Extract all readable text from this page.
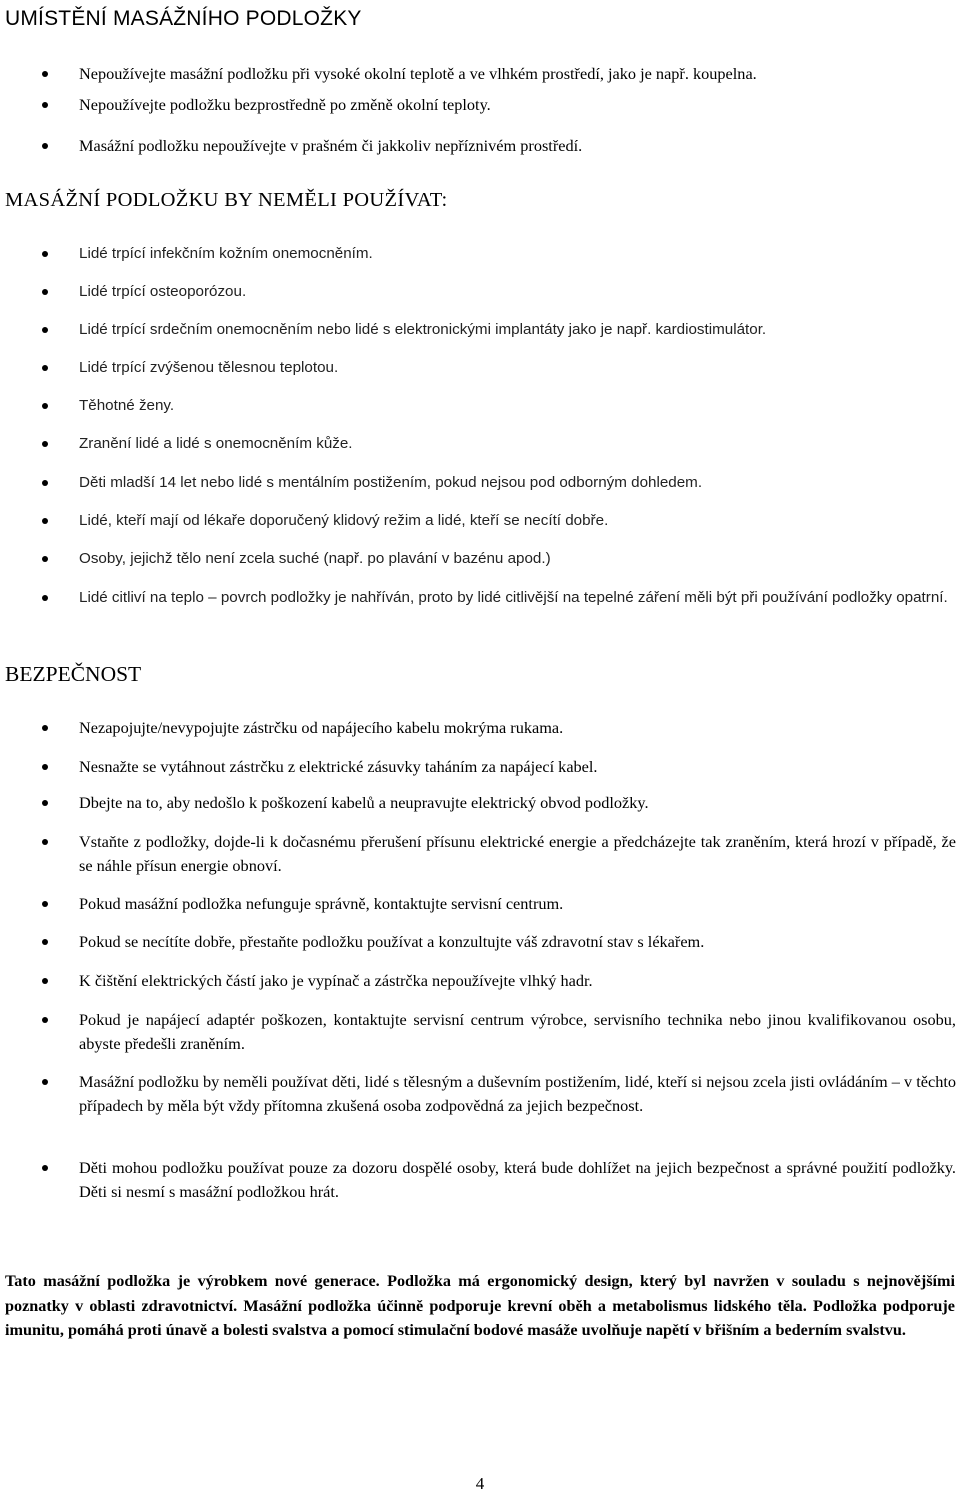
UMÍSTĚNÍ MASÁŽNÍHO PODLOŽKY
Nepoužívejte masážní podložku při vysoké okolní teplotě a ve vlhkém prostředí, jako je např. koupelna.
Nepoužívejte podložku bezprostředně po změně okolní teploty.
Masážní podložku nepoužívejte v prašném či jakkoliv nepříznivém prostředí.
MASÁŽNÍ PODLOŽKU BY NEMĚLI POUŽÍVAT:
Lidé trpící infekčním kožním onemocněním.
Lidé trpící osteoporózou.
Lidé trpící srdečním onemocněním nebo lidé s elektronickými implantáty jako je např. kardiostimulátor.
Lidé trpící zvýšenou tělesnou teplotou.
Těhotné ženy.
Zranění lidé a lidé s onemocněním kůže.
Děti mladší 14 let nebo lidé s mentálním postižením, pokud nejsou pod odborným dohledem.
Lidé, kteří mají od lékaře doporučený klidový režim a lidé, kteří se necítí dobře.
Osoby, jejichž tělo není zcela suché (např. po plavání v bazénu apod.)
Lidé citliví na teplo – povrch podložky je nahříván, proto by lidé citlivější na tepelné záření měli být při používání podložky opatrní.
BEZPEČNOST
Nezapojujte/nevypojujte zástrčku od napájecího kabelu mokrýma rukama.
Nesnažte se vytáhnout zástrčku z elektrické zásuvky taháním za napájecí kabel.
Dbejte na to, aby nedošlo k poškození kabelů a neupravujte elektrický obvod podložky.
Vstaňte z podložky, dojde-li k dočasnému přerušení přísunu elektrické energie a předcházejte tak zraněním, která hrozí v případě, že se náhle přísun energie obnoví.
Pokud masážní podložka nefunguje správně, kontaktujte servisní centrum.
Pokud se necítíte dobře, přestaňte podložku používat a konzultujte váš zdravotní stav s lékařem.
K čištění elektrických částí jako je vypínač a zástrčka nepoužívejte vlhký hadr.
Pokud je napájecí adaptér poškozen, kontaktujte servisní centrum výrobce, servisního technika nebo jinou kvalifikovanou osobu, abyste předešli zraněním.
Masážní podložku by neměli používat děti, lidé s tělesným a duševním postižením, lidé, kteří si nejsou zcela jisti ovládáním – v těchto případech by měla být vždy přítomna zkušená osoba zodpovědná za jejich bezpečnost.
Děti mohou podložku používat pouze za dozoru dospělé osoby, která bude dohlížet na jejich bezpečnost a správné použití podložky. Děti si nesmí s masážní podložkou hrát.

Tato masážní podložka je výrobkem nové generace. Podložka má ergonomický design, který byl navržen v souladu s nejnovějšími poznatky v oblasti zdravotnictví. Masážní podložka účinně podporuje krevní oběh a metabolismus lidského těla. Podložka podporuje imunitu, pomáhá proti únavě a bolesti svalstva a pomocí stimulační bodové masáže uvolňuje napětí v břišním a bederním svalstvu.

4
